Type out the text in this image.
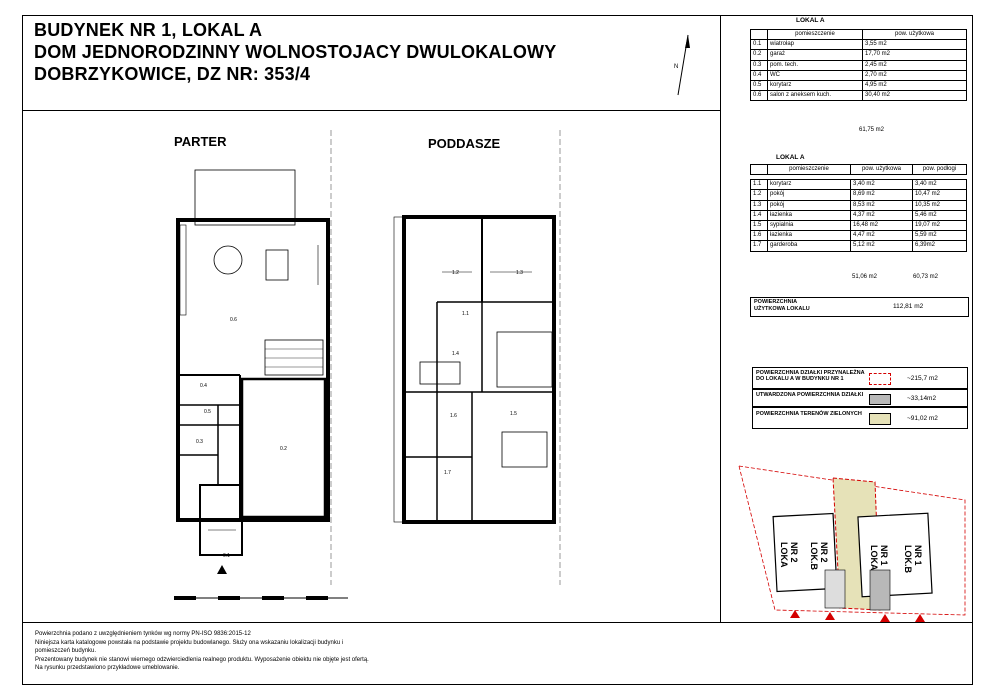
BUDYNEK NR 1, LOKAL A
DOM JEDNORODZINNY WOLNOSTOJACY DWULOKALOWY
DOBRZYKOWICE, DZ NR: 353/4	N
PARTER	PODDASZE
0.1
0.2
0.3
0.4
0.5
0.6
1.1
1.2	1.3
1.4
1.5
1.6
1.7
LOKAL A
	pomieszczenie	pow. użytkowa
0.1	wiatrołap	3,55 m2
0.2	garaż	17,70 m2
0.3	pom. tech.	2,45 m2
0.4	WC	2,70 m2
0.5	korytarz	4,95 m2
0.6	salon z aneksem kuch.	30,40 m2
61,75 m2
LOKAL A
	pomieszczenie	pow. użytkowa	pow. podłogi

1.1	korytarz	3,40 m2	3,40 m2
1.2	pokój	8,69 m2	10,47 m2
1.3	pokój	8,53 m2	10,35 m2
1.4	łazienka	4,37 m2	5,46 m2
1.5	sypialnia	16,48 m2	19,07 m2
1.6	łazienka	4,47 m2	5,59 m2
1.7	garderoba	5,12 m2	6,39m2
51,06 m2	60,73 m2
POWIERZCHNIA
UŻYTKOWA LOKALU	112,81 m2
POWIERZCHNIA DZIAŁKI PRZYNALEŻNA DO LOKALU A W BUDYNKU NR 1	~215,7 m2
UTWARDZONA POWIERZCHNIA DZIAŁKI	~33,14m2
POWIERZCHNIA TERENÓW ZIELONYCH
~91,02 m2
NR 2
LOKA	NR 2
LOK.B	NR 1
LOKA	NR 1
LOK.B
Powierzchnia podano z uwzględnieniem tynków wg normy PN-ISO 9836:2015-12
Niniejsza karta katalogowe powstała na podstawie projektu budowlanego. Służy ona wskazaniu lokalizacji budynku i
pomieszczeń budynku.
Prezentowany budynek nie stanowi wiernego odzwierciedlenia realnego produktu. Wyposażenie obiektu nie objęte jest ofertą.
Na rysunku przedstawiono przykładowe umeblowanie.
